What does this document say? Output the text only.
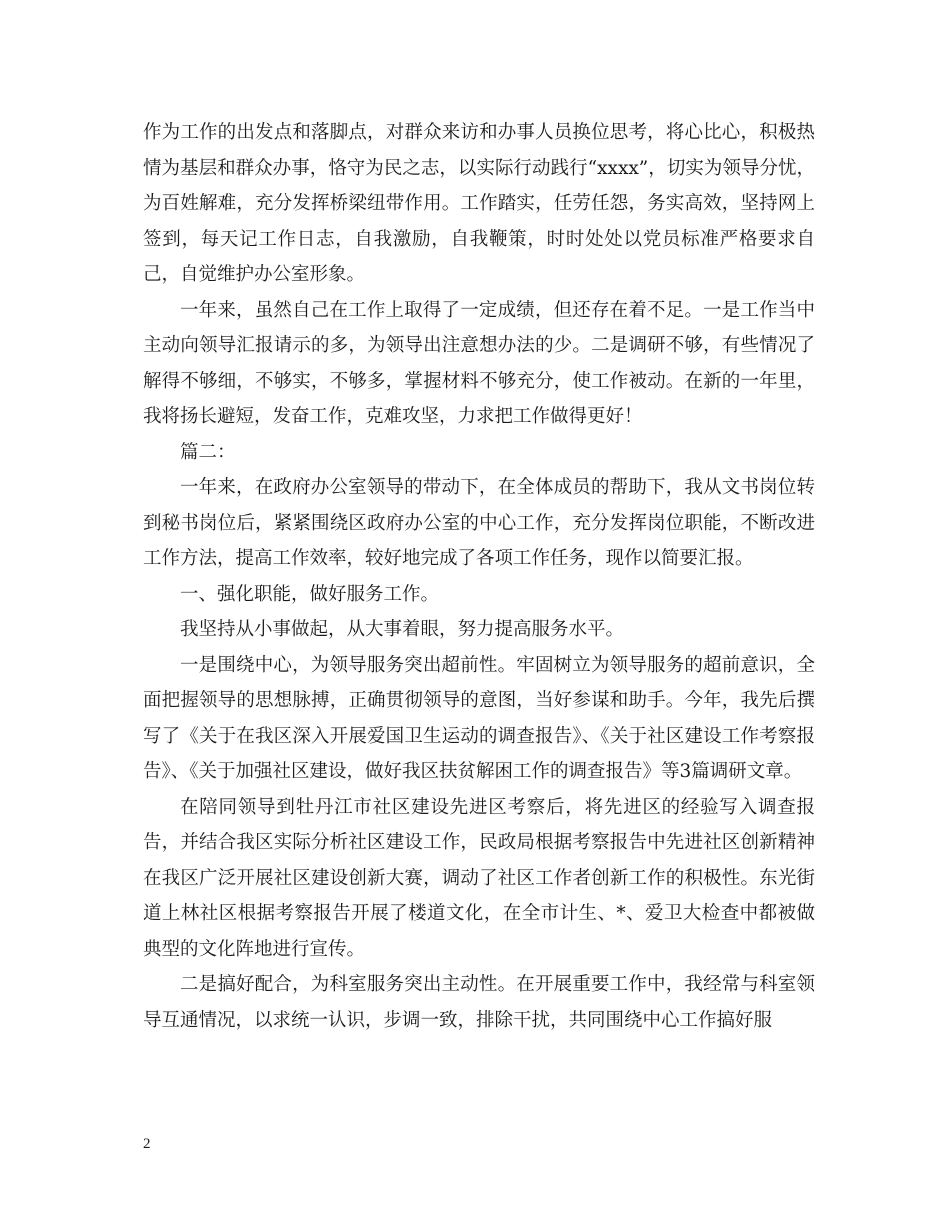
作为工作的出发点和落脚点，对群众来访和办事人员换位思考，将心比心，积极热情为基层和群众办事，恪守为民之志，以实际行动践行“xxxx”，切实为领导分忧，为百姓解难，充分发挥桥梁纽带作用。工作踏实，任劳任怨，务实高效，坚持网上签到，每天记工作日志，自我激励，自我鞭策，时时处处以党员标准严格要求自己，自觉维护办公室形象。

一年来，虽然自己在工作上取得了一定成绩，但还存在着不足。一是工作当中主动向领导汇报请示的多，为领导出注意想办法的少。二是调研不够，有些情况了解得不够细，不够实，不够多，掌握材料不够充分，使工作被动。在新的一年里，我将扬长避短，发奋工作，克难攻坚，力求把工作做得更好！

篇二：

一年来，在政府办公室领导的带动下，在全体成员的帮助下，我从文书岗位转到秘书岗位后，紧紧围绕区政府办公室的中心工作，充分发挥岗位职能，不断改进工作方法，提高工作效率，较好地完成了各项工作任务，现作以简要汇报。

一、强化职能，做好服务工作。

我坚持从小事做起，从大事着眼，努力提高服务水平。

一是围绕中心，为领导服务突出超前性。牢固树立为领导服务的超前意识，全面把握领导的思想脉搏，正确贯彻领导的意图，当好参谋和助手。今年，我先后撰写了《关于在我区深入开展爱国卫生运动的调查报告》、《关于社区建设工作考察报告》、《关于加强社区建设，做好我区扶贫解困工作的调查报告》等3篇调研文章。

在陪同领导到牡丹江市社区建设先进区考察后，将先进区的经验写入调查报告，并结合我区实际分析社区建设工作，民政局根据考察报告中先进社区创新精神在我区广泛开展社区建设创新大赛，调动了社区工作者创新工作的积极性。东光街道上林社区根据考察报告开展了楼道文化，在全市计生、*、爱卫大检查中都被做典型的文化阵地进行宣传。

二是搞好配合，为科室服务突出主动性。在开展重要工作中，我经常与科室领导互通情况，以求统一认识，步调一致，排除干扰，共同围绕中心工作搞好服

2
